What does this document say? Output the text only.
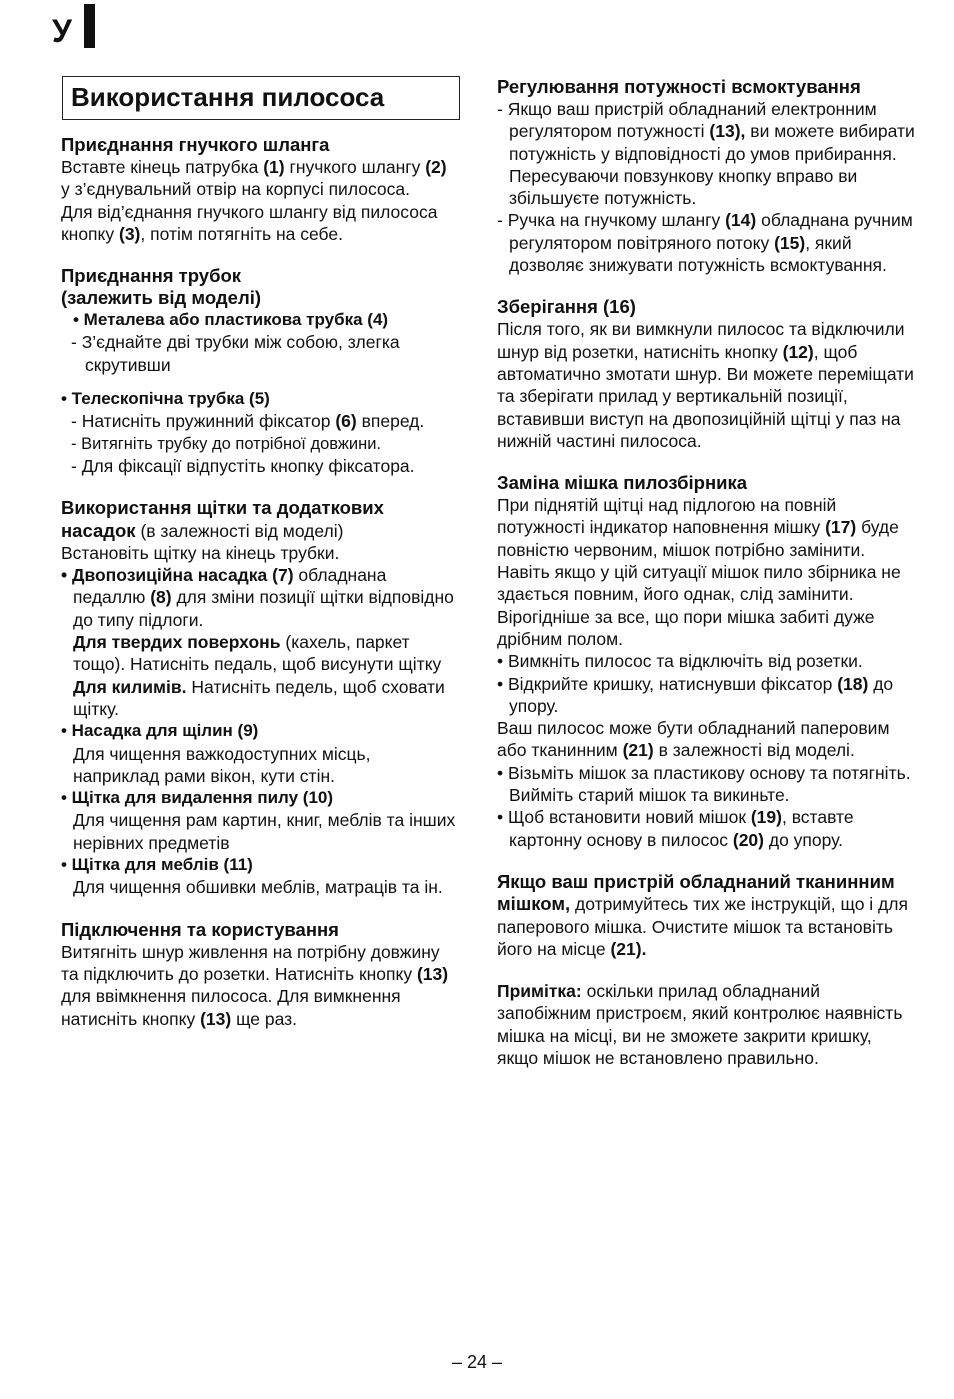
У
Використання пилососа
Приєднання гнучкого шланга

Вставте кінець патрубка (1) гнучкого шлангу (2) у з’єднувальний отвір на корпусі пилососа.

Для від’єднання гнучкого шлангу від пилососа кнопку (3), потім потягніть на себе.

Приєднання трубок
(залежить від моделі)

• Металева або пластикова трубка (4)

- З’єднайте дві трубки між собою, злегка скрутивши

• Телескопічна трубка (5)

- Натисніть пружинний фіксатор (6) вперед.

- Витягніть трубку до потрібної довжини.

- Для фіксації відпустіть кнопку фіксатора.

Використання щітки та додаткових насадок (в залежності від моделі)

Встановіть щітку на кінець трубки.

• Двопозиційна насадка (7) обладнана педаллю (8) для зміни позиції щітки відповідно до типу підлоги.

Для твердих поверхонь (кахель, паркет тощо). Натисніть педаль, щоб висунути щітку

Для килимів. Натисніть педель, щоб сховати щітку.

• Насадка для щілин (9)

Для чищення важкодоступних місць, наприклад рами вікон, кути стін.

• Щітка для видалення пилу (10)

Для чищення рам картин, книг, меблів та інших нерівних предметів

• Щітка для меблів (11)

Для чищення обшивки меблів, матраців та ін.

Підключення та користування

Витягніть шнур живлення на потрібну довжину та підключить до розетки. Натисніть кнопку (13) для ввімкнення пилососа. Для вимкнення натисніть кнопку (13) ще раз.

Регулювання потужності всмоктування

- Якщо ваш пристрій обладнаний електронним регулятором потужності (13), ви можете вибирати потужність у відповідності до умов прибирання. Пересуваючи повзункову кнопку вправо ви збільшуєте потужність.

- Ручка на гнучкому шлангу (14) обладнана ручним регулятором повітряного потоку (15), який дозволяє знижувати потужність всмоктування.

Зберігання (16)

Після того, як ви вимкнули пилосос та відключили шнур від розетки, натисніть кнопку (12), щоб автоматично змотати шнур. Ви можете переміщати та зберігати прилад у вертикальній позиції, вставивши виступ на двопозиційній щітці у паз на нижній частині пилососа.

Заміна мішка пилозбірника

При піднятій щітці над підлогою на повній потужності індикатор наповнення мішку (17) буде повністю червоним, мішок потрібно замінити.

Навіть якщо у цій ситуації мішок пило збірника не здається повним, його однак, слід замінити. Вірогідніше за все, що пори мішка забиті дуже дрібним полом.

• Вимкніть пилосос та відключіть від розетки.

• Відкрийте кришку, натиснувши фіксатор (18) до упору.

Ваш пилосос може бути обладнаний паперовим або тканинним (21) в залежності від моделі.

• Візьміть мішок за пластикову основу та потягніть. Вийміть старий мішок та викиньте.

• Щоб встановити новий мішок (19), вставте картонну основу в пилосос (20) до упору.

Якщо ваш пристрій обладнаний тканинним мішком, дотримуйтесь тих же інструкцій, що і для паперового мішка. Очистите мішок та встановіть його на місце (21).

Примітка: оскільки прилад обладнаний запобіжним пристроєм, який контролює наявність мішка на місці, ви не зможете закрити кришку, якщо мішок не встановлено правильно.

– 24 –
